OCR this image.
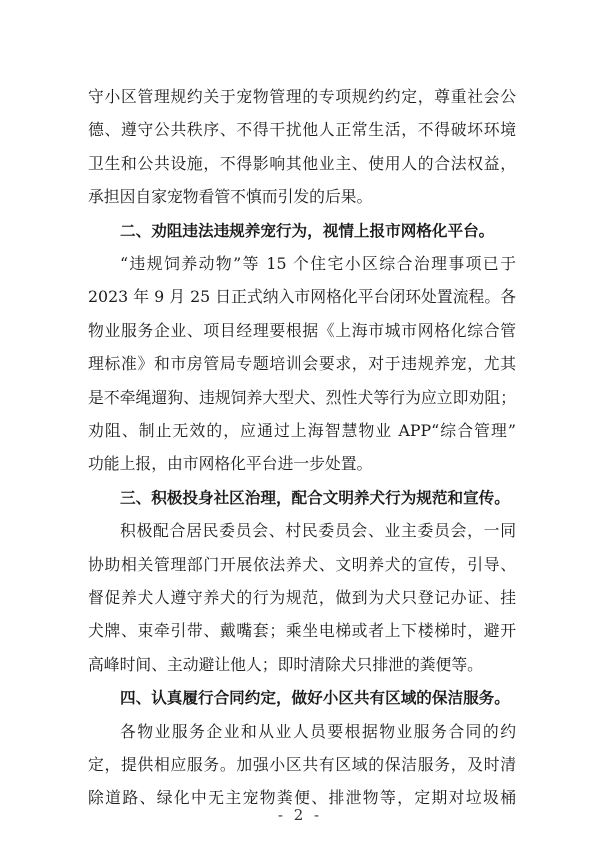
守小区管理规约关于宠物管理的专项规约约定，尊重社会公
德、遵守公共秩序、不得干扰他人正常生活，不得破坏环境
卫生和公共设施，不得影响其他业主、使用人的合法权益，
承担因自家宠物看管不慎而引发的后果。
二、劝阻违法违规养宠行为，视情上报市网格化平台。
“违规饲养动物”等 15 个住宅小区综合治理事项已于
2023 年 9 月 25 日正式纳入市网格化平台闭环处置流程。各
物业服务企业、项目经理要根据《上海市城市网格化综合管
理标准》和市房管局专题培训会要求，对于违规养宠，尤其
是不牵绳遛狗、违规饲养大型犬、烈性犬等行为应立即劝阻；
劝阻、制止无效的，应通过上海智慧物业 APP“综合管理”
功能上报，由市网格化平台进一步处置。
三、积极投身社区治理，配合文明养犬行为规范和宣传。
积极配合居民委员会、村民委员会、业主委员会，一同
协助相关管理部门开展依法养犬、文明养犬的宣传，引导、
督促养犬人遵守养犬的行为规范，做到为犬只登记办证、挂
犬牌、束牵引带、戴嘴套；乘坐电梯或者上下楼梯时，避开
高峰时间、主动避让他人；即时清除犬只排泄的粪便等。
四、认真履行合同约定，做好小区共有区域的保洁服务。
各物业服务企业和从业人员要根据物业服务合同的约
定，提供相应服务。加强小区共有区域的保洁服务，及时清
除道路、绿化中无主宠物粪便、排泄物等，定期对垃圾桶
- 2 -
